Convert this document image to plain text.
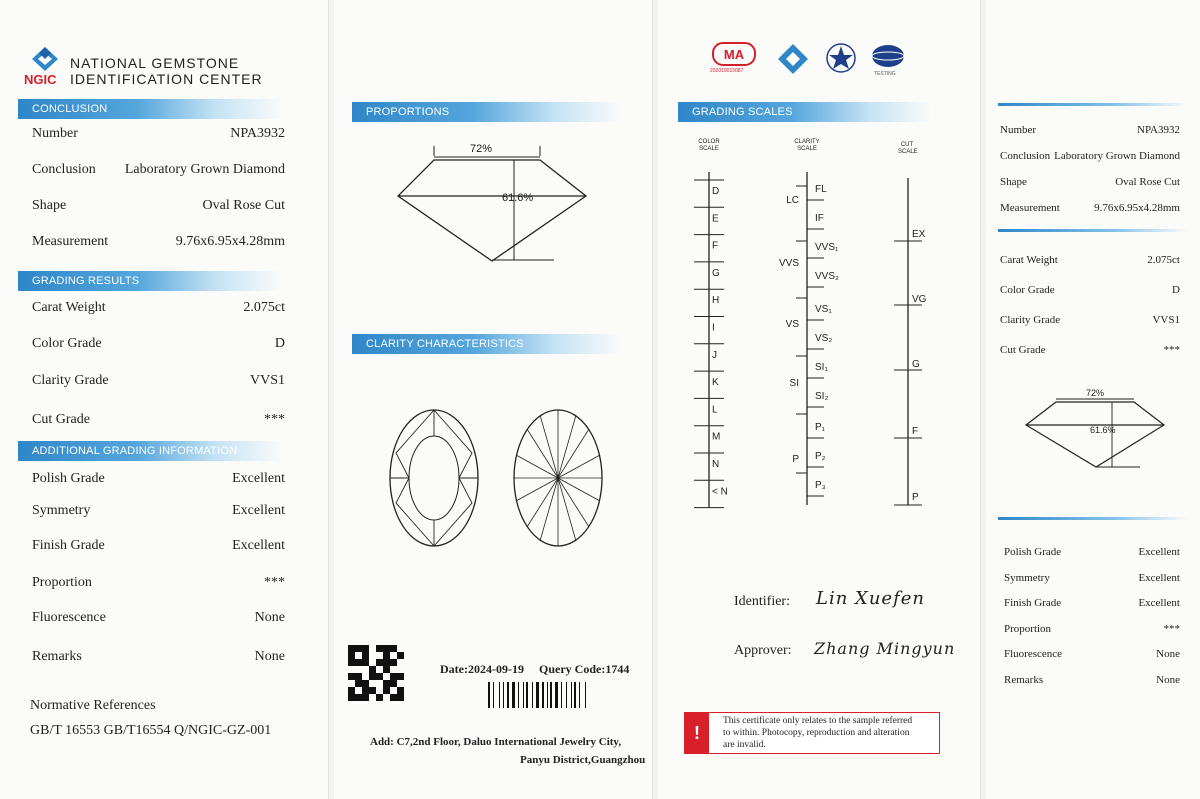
NGIC
NATIONAL GEMSTONE
IDENTIFICATION CENTER
CONCLUSION
Number	NPA3932
Conclusion Laboratory Grown Diamond
Shape	Oval Rose Cut
Measurement	9.76x6.95x4.28mm
GRADING RESULTS
Carat Weight	2.075ct
Color Grade	D
Clarity Grade	VVS1
Cut Grade	***
ADDITIONAL GRADING INFORMATION
Polish Grade	Excellent
Symmetry	Excellent
Finish Grade	Excellent
Proportion	***
Fluorescence	None
Remarks	None
Normative References
GB/T 16553 GB/T16554 Q/NGIC-GZ-001
PROPORTIONS
72%
61.6%
CLARITY CHARACTERISTICS
Date:2024-09-19 Query Code:1744
Add: C7,2nd Floor, Daluo International Jewelry City,
Panyu District,Guangzhou
MA
202019015087	TESTING
GRADING SCALES
COLOR
SCALE
CLARITY
SCALE
CUT
SCALE
D
E
F
G
H
I
J
K
L
M
N
< N
FL
IF
VVS₁
VVS₂
VS₁
VS₂
SI₁
SI₂
P₁
P₂
P₃
LC
VVS
VS
SI
P
EX
VG
G
F
P
Identifier: Lin Xuefen
Approver: Zhang Mingyun
!
This certificate only relates to the sample referred
to within. Photocopy, reproduction and alteration
are invalid.
Number	NPA3932
Conclusion Laboratory Grown Diamond
Shape	Oval Rose Cut
Measurement	9.76x6.95x4.28mm
Carat Weight	2.075ct
Color Grade	D
Clarity Grade	VVS1
Cut Grade	***
72%
61.6%
Polish Grade	Excellent
Symmetry	Excellent
Finish Grade	Excellent
Proportion	***
Fluorescence	None
Remarks	None
